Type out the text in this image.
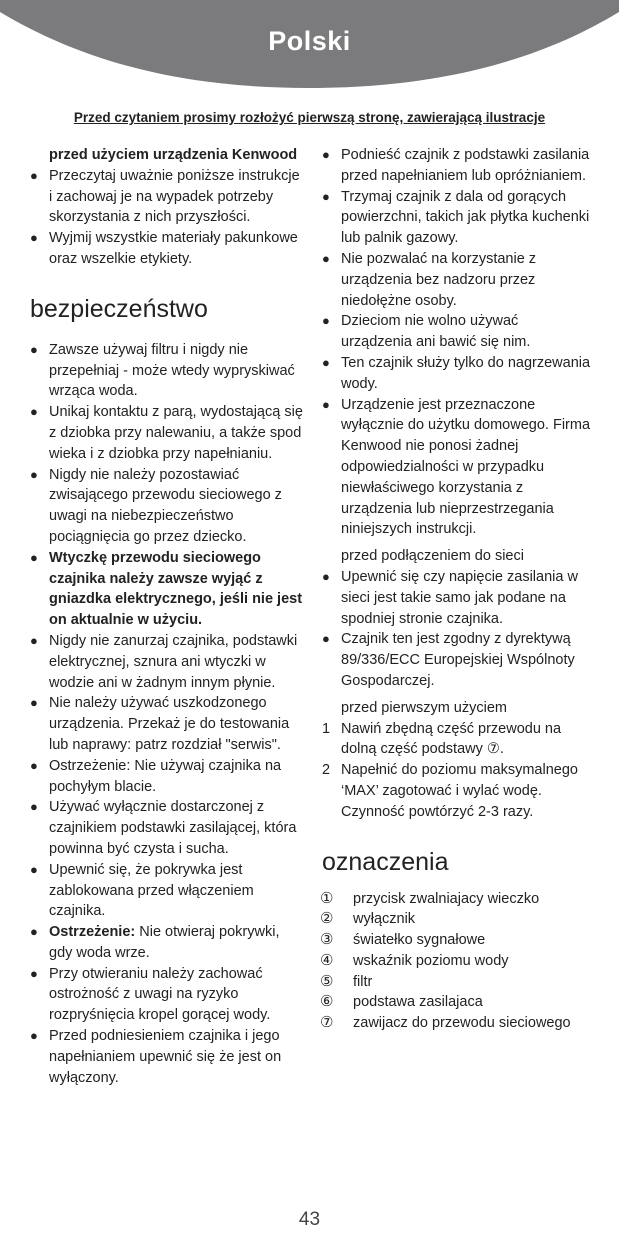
Polski
Przed czytaniem prosimy rozłożyć pierwszą stronę, zawierającą ilustracje
przed użyciem urządzenia Kenwood
● Przeczytaj uważnie poniższe instrukcje i zachowaj je na wypadek potrzeby skorzystania z nich przyszłości.
● Wyjmij wszystkie materiały pakunkowe oraz wszelkie etykiety.
bezpieczeństwo
● Zawsze używaj filtru i nigdy nie przepełniaj - może wtedy wypryskiwać wrząca woda.
● Unikaj kontaktu z parą, wydostającą się z dziobka przy nalewaniu, a także spod wieka i z dziobka przy napełnianiu.
● Nigdy nie należy pozostawiać zwisającego przewodu sieciowego z uwagi na niebezpieczeństwo pociągnięcia go przez dziecko.
● Wtyczkę przewodu sieciowego czajnika należy zawsze wyjąć z gniazdka elektrycznego, jeśli nie jest on aktualnie w użyciu.
● Nigdy nie zanurzaj czajnika, podstawki elektrycznej, sznura ani wtyczki w wodzie ani w żadnym innym płynie.
● Nie należy używać uszkodzonego urządzenia. Przekaż je do testowania lub naprawy: patrz rozdział "serwis".
● Ostrzeżenie: Nie używaj czajnika na pochyłym blacie.
● Używać wyłącznie dostarczonej z czajnikiem podstawki zasilającej, która powinna być czysta i sucha.
● Upewnić się, że pokrywka jest zablokowana przed włączeniem czajnika.
● Ostrzeżenie: Nie otwieraj pokrywki, gdy woda wrze.
● Przy otwieraniu należy zachować ostrożność z uwagi na ryzyko rozpryśnięcia kropel gorącej wody.
● Przed podniesieniem czajnika i jego napełnianiem upewnić się że jest on wyłączony.
● Podnieść czajnik z podstawki zasilania przed napełnianiem lub opróżnianiem.
● Trzymaj czajnik z dala od gorących powierzchni, takich jak płytka kuchenki lub palnik gazowy.
● Nie pozwalać na korzystanie z urządzenia bez nadzoru przez niedołężne osoby.
● Dzieciom nie wolno używać urządzenia ani bawić się nim.
● Ten czajnik służy tylko do nagrzewania wody.
● Urządzenie jest przeznaczone wyłącznie do użytku domowego. Firma Kenwood nie ponosi żadnej odpowiedzialności w przypadku niewłaściwego korzystania z urządzenia lub nieprzestrzegania niniejszych instrukcji.
przed podłączeniem do sieci
● Upewnić się czy napięcie zasilania w sieci jest takie samo jak podane na spodniej stronie czajnika.
● Czajnik ten jest zgodny z dyrektywą 89/336/ECC Europejskiej Wspólnoty Gospodarczej.
przed pierwszym użyciem
1 Nawiń zbędną część przewodu na dolną część podstawy ⑦.
2 Napełnić do poziomu maksymalnego ‘MAX’ zagotować i wylać wodę. Czynność powtórzyć 2-3 razy.
oznaczenia
① przycisk zwalniajacy wieczko
② wyłącznik
③ światełko sygnałowe
④ wskaźnik poziomu wody
⑤ filtr
⑥ podstawa zasilajaca
⑦ zawijacz do przewodu sieciowego
43
